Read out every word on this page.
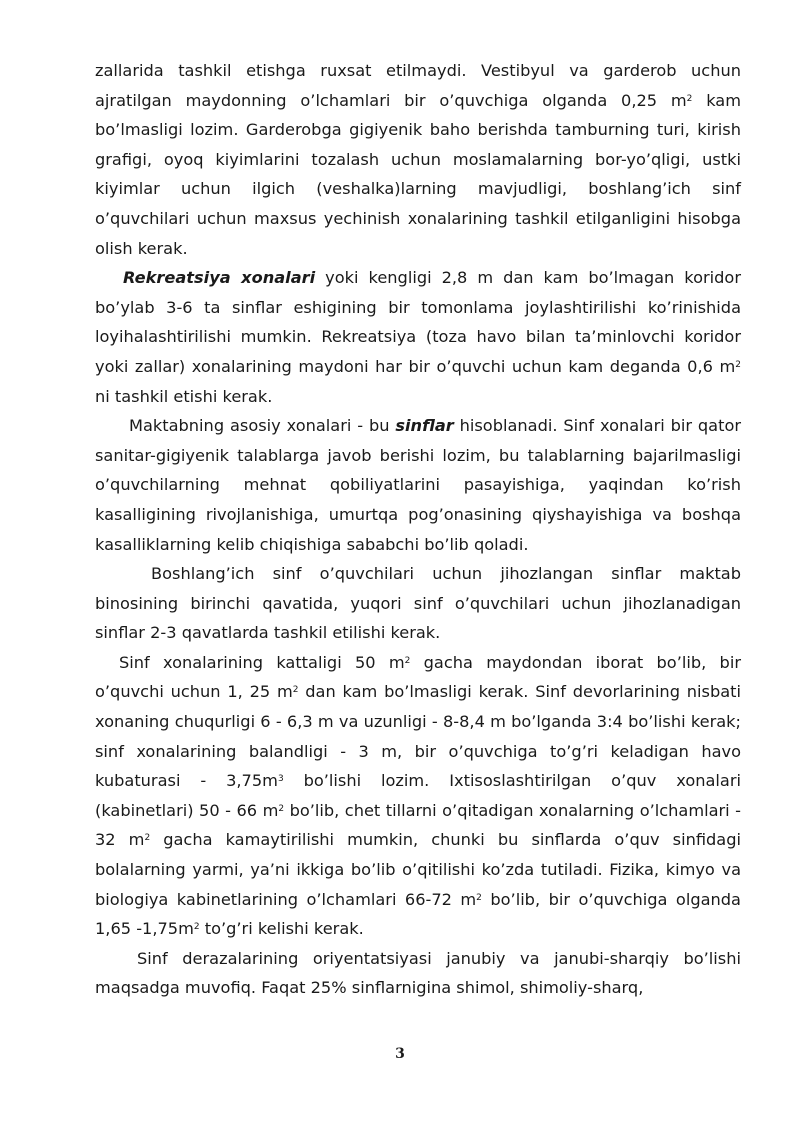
zallarida tashkil etishga ruxsat etilmaydi. Vestibyul va garderob uchun ajratilgan maydonning o’lchamlari bir o’quvchiga olganda 0,25 $m^2$ kam bo’lmasligi lozim. Garderobga gigiyenik baho berishda tamburning turi, kirish grafigi, oyoq kiyimlarini tozalash uchun moslamalarning bor-yo’qligi, ustki kiyimlar uchun ilgich (veshalka)larning mavjudligi, boshlang’ich sinf o’quvchilari uchun maxsus yechinish xonalarining tashkil etilganligini hisobga olish kerak.

Rekreatsiya xonalari yoki kengligi 2,8 m dan kam bo’lmagan koridor bo’ylab 3-6 ta sinflar eshigining bir tomonlama joylashtirilishi ko’rinishida loyihalashtirilishi mumkin. Rekreatsiya (toza havo bilan ta’minlovchi koridor yoki zallar) xonalarining maydoni har bir o’quvchi uchun kam deganda 0,6 $m^2$ ni tashkil etishi kerak.

Maktabning asosiy xonalari - bu sinflar hisoblanadi. Sinf xonalari bir qator sanitar-gigiyenik talablarga javob berishi lozim, bu talablarning bajarilmasligi o’quvchilarning mehnat qobiliyatlarini pasayishiga, yaqindan ko’rish kasalligining rivojlanishiga, umurtqa pog’onasining qiyshayishiga va boshqa kasalliklarning kelib chiqishiga sababchi bo’lib qoladi.

Boshlang’ich sinf o’quvchilari uchun jihozlangan sinflar maktab binosining birinchi qavatida, yuqori sinf o’quvchilari uchun jihozlanadigan sinflar 2-3 qavatlarda tashkil etilishi kerak.

Sinf xonalarining kattaligi 50 $m^2$ gacha maydondan iborat bo’lib, bir o’quvchi uchun 1, 25 $m^2$ dan kam bo’lmasligi kerak. Sinf devorlarining nisbati xonaning chuqurligi 6 - 6,3 m va uzunligi - 8-8,4 m bo’lganda 3:4 bo’lishi kerak; sinf xonalarining balandligi - 3 m, bir o’quvchiga to’g’ri keladigan havo kubaturasi - $3,75m^3$ bo’lishi lozim. Ixtisoslashtirilgan o’quv xonalari (kabinetlari) 50 - 66 $m^2$ bo’lib, chet tillarni o’qitadigan xonalarning o’lchamlari - 32 $m^2$ gacha kamaytirilishi mumkin, chunki bu sinflarda o’quv sinfidagi bolalarning yarmi, ya’ni ikkiga bo’lib o’qitilishi ko’zda tutiladi. Fizika, kimyo va biologiya kabinetlarining o’lchamlari 66-72 $m^2$ bo’lib, bir o’quvchiga olganda 1,65 $-1,75m^2$ to’g’ri kelishi kerak.

Sinf derazalarining oriyentatsiyasi janubiy va janubi-sharqiy bo’lishi maqsadga muvofiq. Faqat 25% sinflarnigina shimol, shimoliy-sharq,

3
